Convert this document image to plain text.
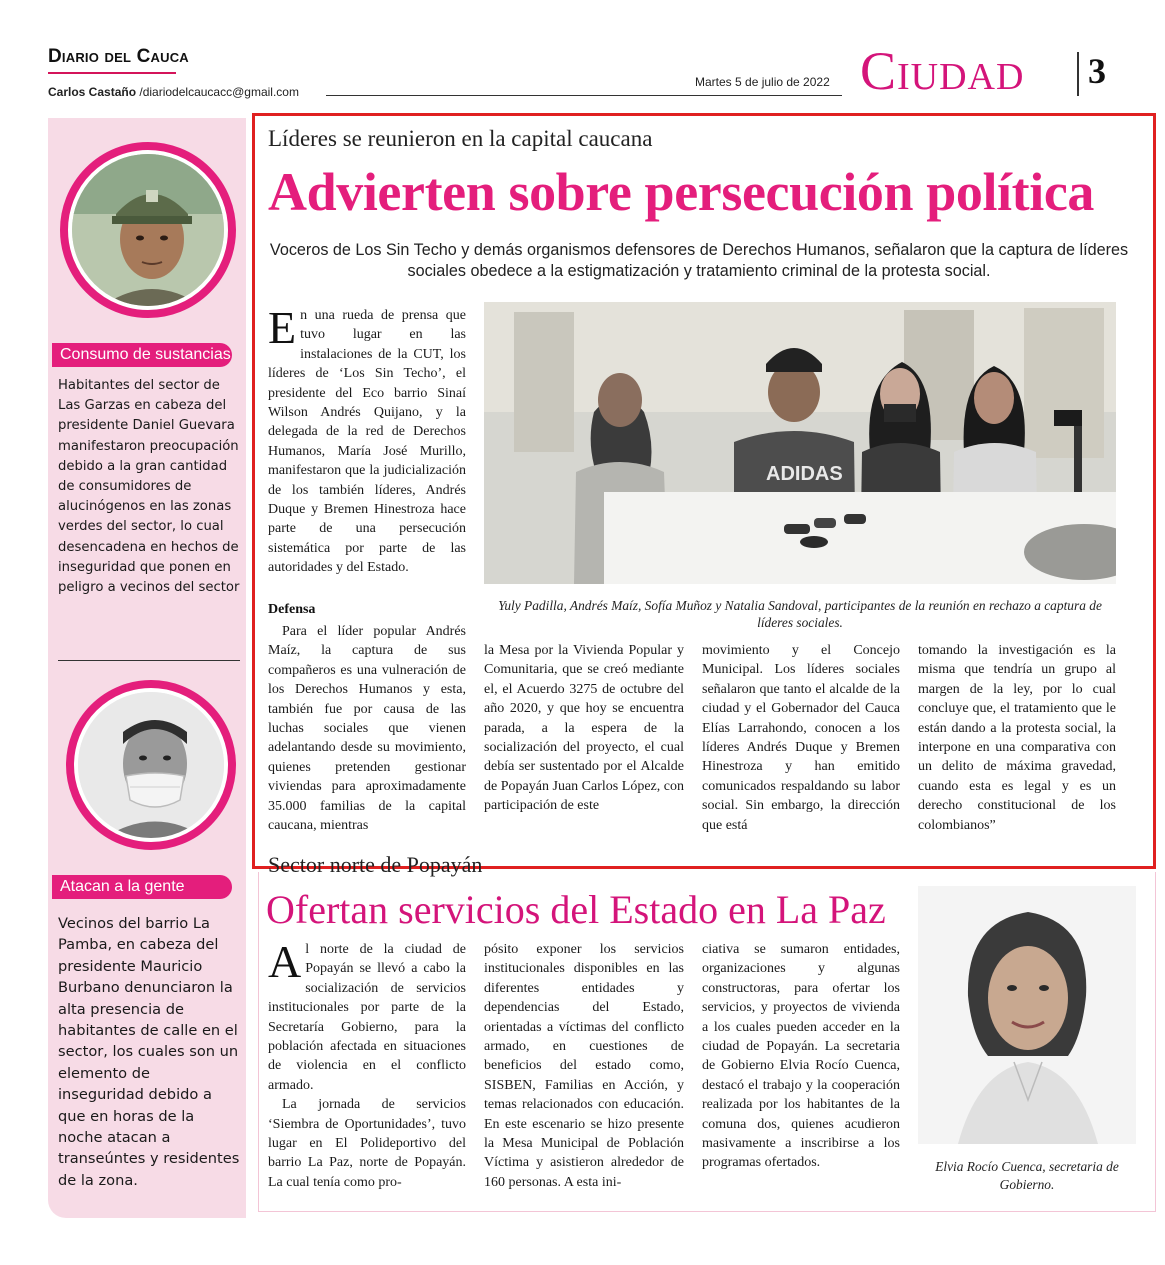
Diario del Cauca
Carlos Castaño /diariodelcaucacc@gmail.com
Martes 5 de julio de 2022 Ciudad 3
Consumo de sustancias
Habitantes del sector de Las Garzas en cabeza del presidente Daniel Guevara manifestaron preocupación debido a la gran cantidad de consumidores de alucinógenos en las zonas verdes del sector, lo cual desencadena en hechos de inseguridad que ponen en peligro a vecinos del sector
Atacan a la gente
Vecinos del barrio La Pamba, en cabeza del presidente Mauricio Burbano denunciaron la alta presencia de habitantes de calle en el sector, los cuales son un elemento de inseguridad debido a que en horas de la noche atacan a transeúntes y residentes de la zona.
Líderes se reunieron en la capital caucana
Advierten sobre persecución política
Voceros de Los Sin Techo y demás organismos defensores de Derechos Humanos, señalaron que la captura de líderes sociales obedece a la estigmatización y tratamiento criminal de la protesta social.
En una rueda de prensa que tuvo lugar en las instalaciones de la CUT, los líderes de ‘Los Sin Techo’, el presidente del Eco barrio Sinaí Wilson Andrés Quijano, y la delegada de la red de Derechos Humanos, María José Murillo, manifestaron que la judicialización de los también líderes, Andrés Duque y Bremen Hinestroza hace parte de una persecución sistemática por parte de las autoridades y del Estado.
ADIDAS
Yuly Padilla, Andrés Maíz, Sofía Muñoz y Natalia Sandoval, participantes de la reunión en rechazo a captura de líderes sociales.
Defensa
Para el líder popular Andrés Maíz, la captura de sus compañeros es una vulneración de los Derechos Humanos y esta, también fue por causa de las luchas sociales que vienen adelantando desde su movimiento, quienes pretenden gestionar viviendas para aproximadamente 35.000 familias de la capital caucana, mientras
la Mesa por la Vivienda Popular y Comunitaria, que se creó mediante el, el Acuerdo 3275 de octubre del año 2020, y que hoy se encuentra parada, a la espera de la socialización del proyecto, el cual debía ser sustentado por el Alcalde de Popayán Juan Carlos López, con participación de este
movimiento y el Concejo Municipal. Los líderes sociales señalaron que tanto el alcalde de la ciudad y el Gobernador del Cauca Elías Larrahondo, conocen a los líderes Andrés Duque y Bremen Hinestroza y han emitido comunicados respaldando su labor social. Sin embargo, la dirección que está
tomando la investigación es la misma que tendría un grupo al margen de la ley, por lo cual concluye que, el tratamiento que le están dando a la protesta social, la interpone en una comparativa con un delito de máxima gravedad, cuando esta es legal y es un derecho constitucional de los colombianos”
Sector norte de Popayán
Ofertan servicios del Estado en La Paz
Al norte de la ciudad de Popayán se llevó a cabo la socialización de servicios institucionales por parte de la Secretaría Gobierno, para la población afectada en situaciones de violencia en el conflicto armado.
La jornada de servicios ‘Siembra de Oportunidades’, tuvo lugar en El Polideportivo del barrio La Paz, norte de Popayán. La cual tenía como pro-
pósito exponer los servicios institucionales disponibles en las diferentes entidades y dependencias del Estado, orientadas a víctimas del conflicto armado, en cuestiones de beneficios del estado como, SISBEN, Familias en Acción, y temas relacionados con educación. En este escenario se hizo presente la Mesa Municipal de Población Víctima y asistieron alrededor de 160 personas. A esta ini-
ciativa se sumaron entidades, organizaciones y algunas constructoras, para ofertar los servicios, y proyectos de vivienda a los cuales pueden acceder en la ciudad de Popayán. La secretaria de Gobierno Elvia Rocío Cuenca, destacó el trabajo y la cooperación realizada por los habitantes de la comuna dos, quienes acudieron masivamente a inscribirse a los programas ofertados.	Elvia Rocío Cuenca, secretaria de Gobierno.
